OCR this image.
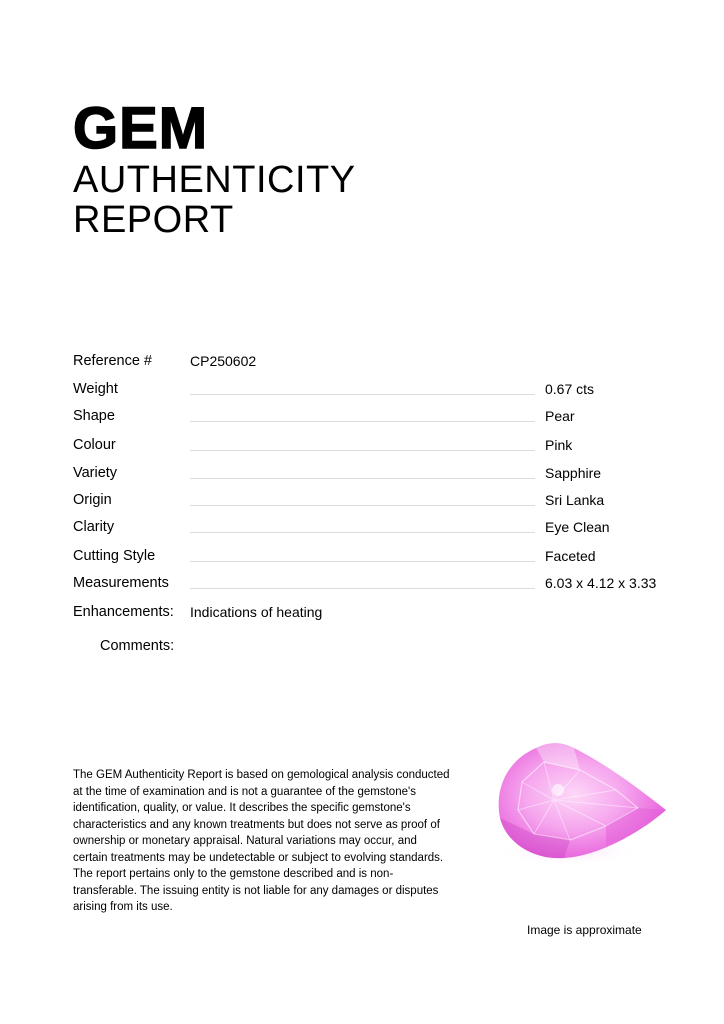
GEM
AUTHENTICITY
REPORT
Reference #	CP250602
Weight	0.67 cts
Shape	Pear
Colour	Pink
Variety	Sapphire
Origin	Sri Lanka
Clarity	Eye Clean
Cutting Style	Faceted
Measurements	6.03 x 4.12 x 3.33
Enhancements: Indications of heating
Comments:
The GEM Authenticity Report is based on gemological analysis conducted at the time of examination and is not a guarantee of the gemstone's identification, quality, or value. It describes the specific gemstone's characteristics and any known treatments but does not serve as proof of ownership or monetary appraisal. Natural variations may occur, and certain treatments may be undetectable or subject to evolving standards. The report pertains only to the gemstone described and is non-transferable. The issuing entity is not liable for any damages or disputes arising from its use.
Image is approximate
